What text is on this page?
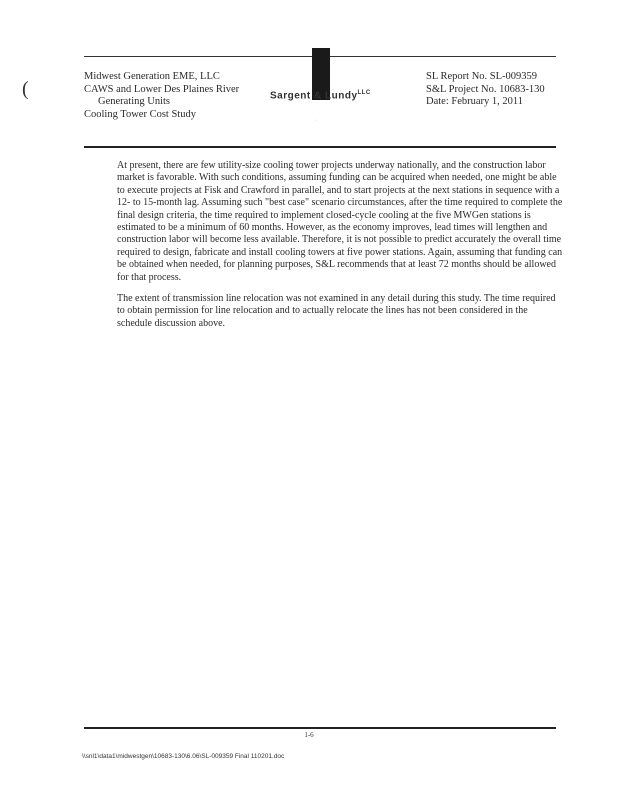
(
Midwest Generation EME, LLC
CAWS and Lower Des Plaines River
Generating Units
Cooling Tower Cost Study
Sargent & Lundy$^{LLC}$
·
SL Report No. SL-009359
S&L Project No. 10683-130
Date: February 1, 2011

At present, there are few utility-size cooling tower projects underway nationally, and the construction labor market is favorable. With such conditions, assuming funding can be acquired when needed, one might be able to execute projects at Fisk and Crawford in parallel, and to start projects at the next stations in sequence with a 12- to 15-month lag. Assuming such "best case" scenario circumstances, after the time required to complete the final design criteria, the time required to implement closed-cycle cooling at the five MWGen stations is estimated to be a minimum of 60 months. However, as the economy improves, lead times will lengthen and construction labor will become less available. Therefore, it is not possible to predict accurately the overall time required to design, fabricate and install cooling towers at five power stations. Again, assuming that funding can be obtained when needed, for planning purposes, S&L recommends that at least 72 months should be allowed for that process.

The extent of transmission line relocation was not examined in any detail during this study. The time required to obtain permission for line relocation and to actually relocate the lines has not been considered in the schedule discussion above.

1-6
\\snl1\data1\midwestgen\10683-130\6.06\SL-009359 Final 110201.doc
